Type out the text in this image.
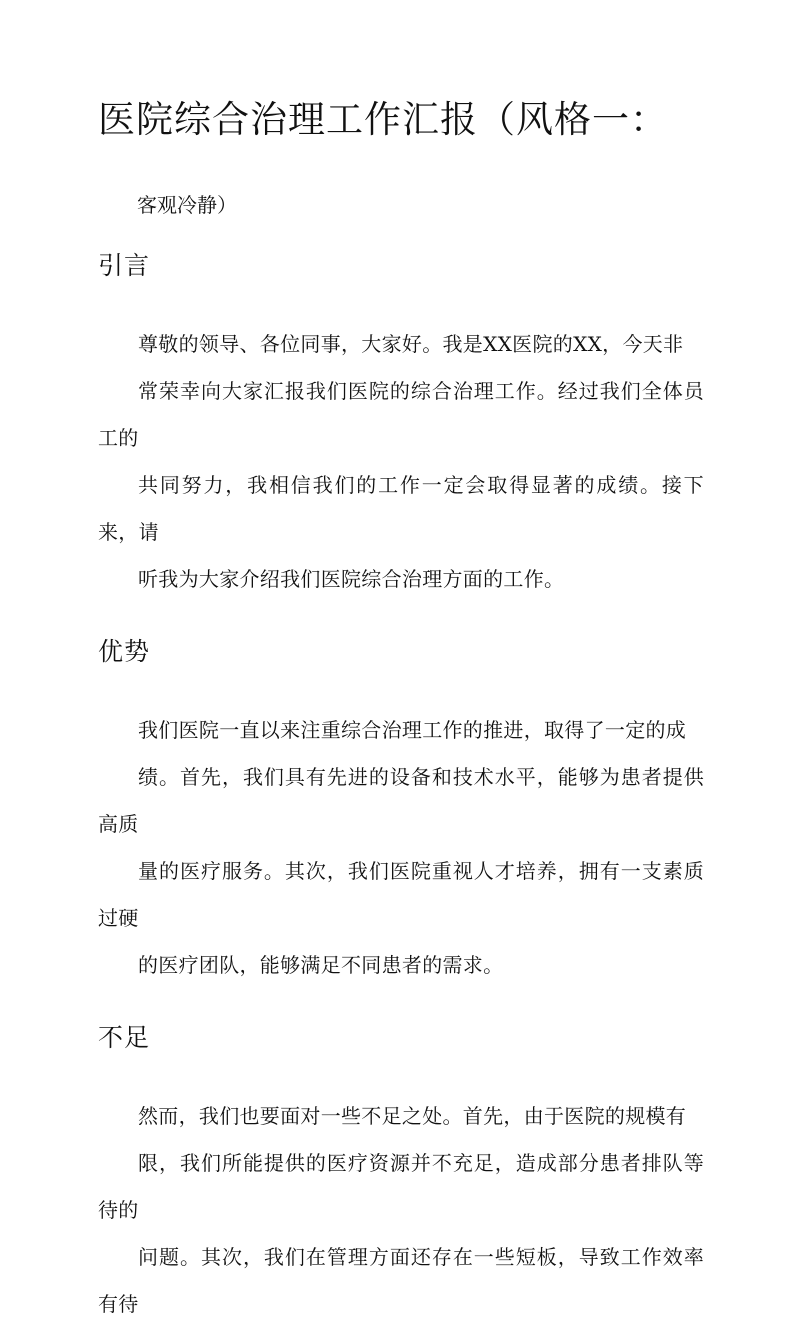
医院综合治理工作汇报（风格一：
客观冷静）
引言

尊敬的领导、各位同事，大家好。我是XX医院的XX，今天非
常荣幸向大家汇报我们医院的综合治理工作。经过我们全体员工的
共同努力，我相信我们的工作一定会取得显著的成绩。接下来，请
听我为大家介绍我们医院综合治理方面的工作。

优势

我们医院一直以来注重综合治理工作的推进，取得了一定的成
绩。首先，我们具有先进的设备和技术水平，能够为患者提供高质
量的医疗服务。其次，我们医院重视人才培养，拥有一支素质过硬
的医疗团队，能够满足不同患者的需求。

不足

然而，我们也要面对一些不足之处。首先，由于医院的规模有
限，我们所能提供的医疗资源并不充足，造成部分患者排队等待的
问题。其次，我们在管理方面还存在一些短板，导致工作效率有待
